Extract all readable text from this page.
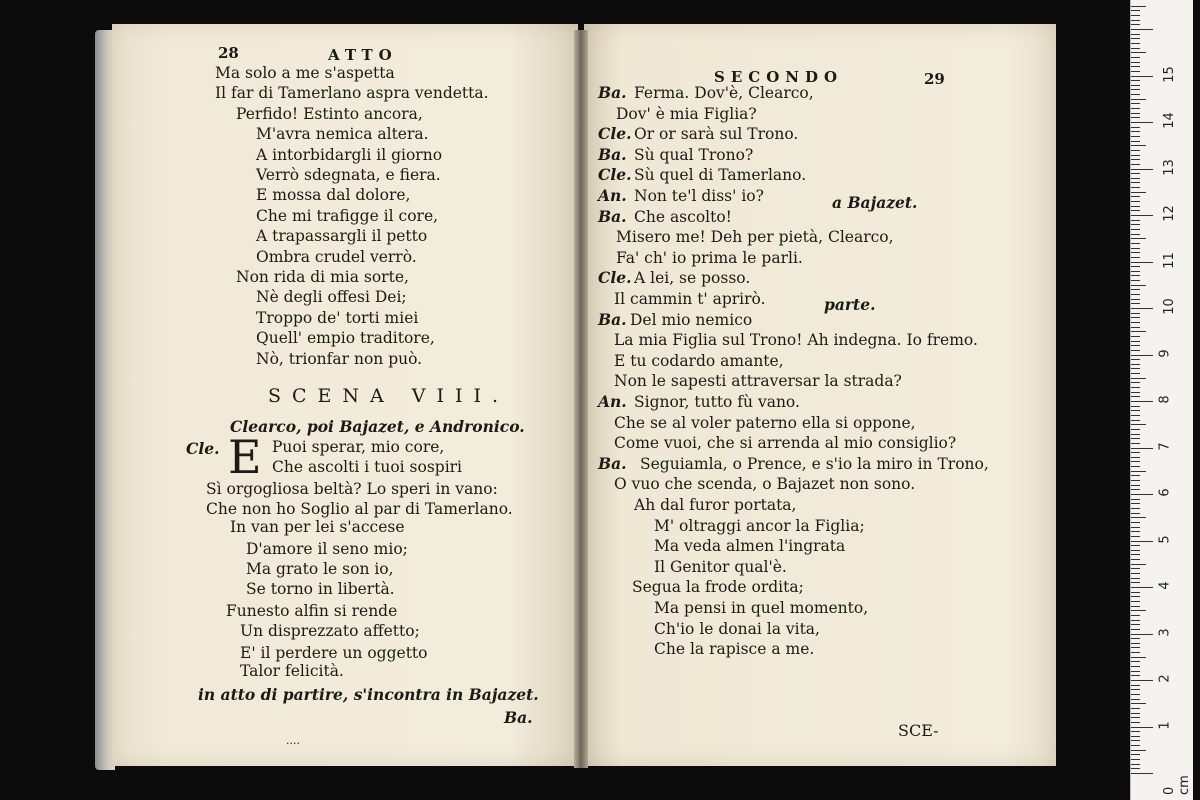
28	ATTO
Ma solo a me s'aspetta
Il far di Tamerlano aspra vendetta.
Perfido! Estinto ancora,
M'avra nemica altera.
A intorbidargli il giorno
Verrò sdegnata, e fiera.
E mossa dal dolore,
Che mi trafigge il core,
A trapassargli il petto
Ombra crudel verrò.
Non rida di mia sorte,
Nè degli offesi Dei;
Troppo de' torti miei
Quell' empio traditore,
Nò, trionfar non può.
SCENA VIII.
Clearco, poi Bajazet, e Andronico.
Cle. E Puoi sperar, mio core,
Che ascolti i tuoi sospiri
Sì orgogliosa beltà? Lo speri in vano:
Che non ho Soglio al par di Tamerlano.
In van per lei s'accese
D'amore il seno mio;
Ma grato le son io,
Se torno in libertà.
Funesto alfin si rende
Un disprezzato affetto;
E' il perdere un oggetto
Talor felicità.
in atto di partire, s'incontra in Bajazet.
Ba.
....
SECONDO	29
Ba. Ferma. Dov'è, Clearco,
Dov' è mia Figlia?
Cle. Or or sarà sul Trono.
Ba. Sù qual Trono?
Cle. Sù quel di Tamerlano.
An. Non te'l diss' io?
Ba. Che ascolto!
Misero me! Deh per pietà, Clearco,
Fa' ch' io prima le parli.
Cle. A lei, se posso.
Il cammin t' aprirò.
Ba. Del mio nemico
La mia Figlia sul Trono! Ah indegna. Io fremo.
E tu codardo amante,
Non le sapesti attraversar la strada?
An. Signor, tutto fù vano.
Che se al voler paterno ella si oppone,
Come vuoi, che si arrenda al mio consiglio?
Ba. Seguiamla, o Prence, e s'io la miro in Trono,
O vuo che scenda, o Bajazet non sono.
Ah dal furor portata,
M' oltraggi ancor la Figlia;
Ma veda almen l'ingrata
Il Genitor qual'è.
Segua la frode ordita;
Ma pensi in quel momento,
Ch'io le donai la vita,
Che la rapisce a me.
a Bajazet.
parte.
SCE-
0 cm
1
2
3
4
5
6
7
8
9
10
11
12
13
14
15
